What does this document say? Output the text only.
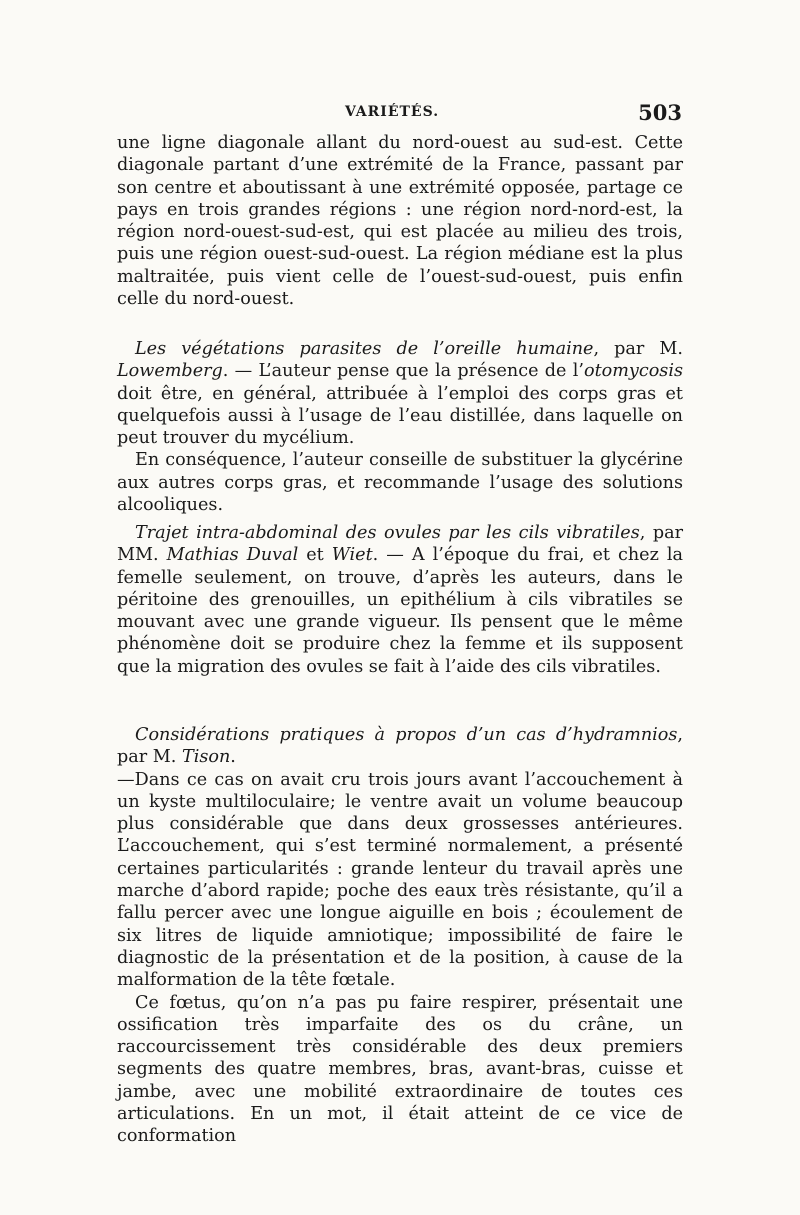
VARIÉTÉS.	503

une ligne diagonale allant du nord-ouest au sud-est. Cette diagonale partant d’une extrémité de la France, passant par son centre et aboutissant à une extrémité opposée, partage ce pays en trois grandes régions : une région nord-nord-est, la région nord-ouest-sud-est, qui est placée au milieu des trois, puis une région ouest-sud-ouest. La région médiane est la plus maltraitée, puis vient celle de l’ouest-sud-ouest, puis enfin celle du nord-ouest.

Les végétations parasites de l’oreille humaine, par M. Lowemberg. — L’auteur pense que la présence de l’otomycosis doit être, en général, attribuée à l’emploi des corps gras et quelquefois aussi à l’usage de l’eau distillée, dans laquelle on peut trouver du mycélium.

En conséquence, l’auteur conseille de substituer la glycérine aux autres corps gras, et recommande l’usage des solutions alcooliques.

Trajet intra-abdominal des ovules par les cils vibratiles, par MM. Mathias Duval et Wiet. — A l’époque du frai, et chez la femelle seulement, on trouve, d’après les auteurs, dans le péritoine des grenouilles, un epithélium à cils vibratiles se mouvant avec une grande vigueur. Ils pensent que le même phénomène doit se produire chez la femme et ils supposent que la migration des ovules se fait à l’aide des cils vibratiles.

Considérations pratiques à propos d’un cas d’hydramnios, par M. Tison.

—Dans ce cas on avait cru trois jours avant l’accouchement à un kyste multiloculaire; le ventre avait un volume beaucoup plus considérable que dans deux grossesses antérieures. L’accouchement, qui s’est terminé normalement, a présenté certaines particularités : grande lenteur du travail après une marche d’abord rapide; poche des eaux très résistante, qu’il a fallu percer avec une longue aiguille en bois ; écoulement de six litres de liquide amniotique; impossibilité de faire le diagnostic de la présentation et de la position, à cause de la malformation de la tête fœtale.

Ce fœtus, qu’on n’a pas pu faire respirer, présentait une ossification très imparfaite des os du crâne, un raccourcissement très considérable des deux premiers segments des quatre membres, bras, avant-bras, cuisse et jambe, avec une mobilité extraordinaire de toutes ces articulations. En un mot, il était atteint de ce vice de conformation
